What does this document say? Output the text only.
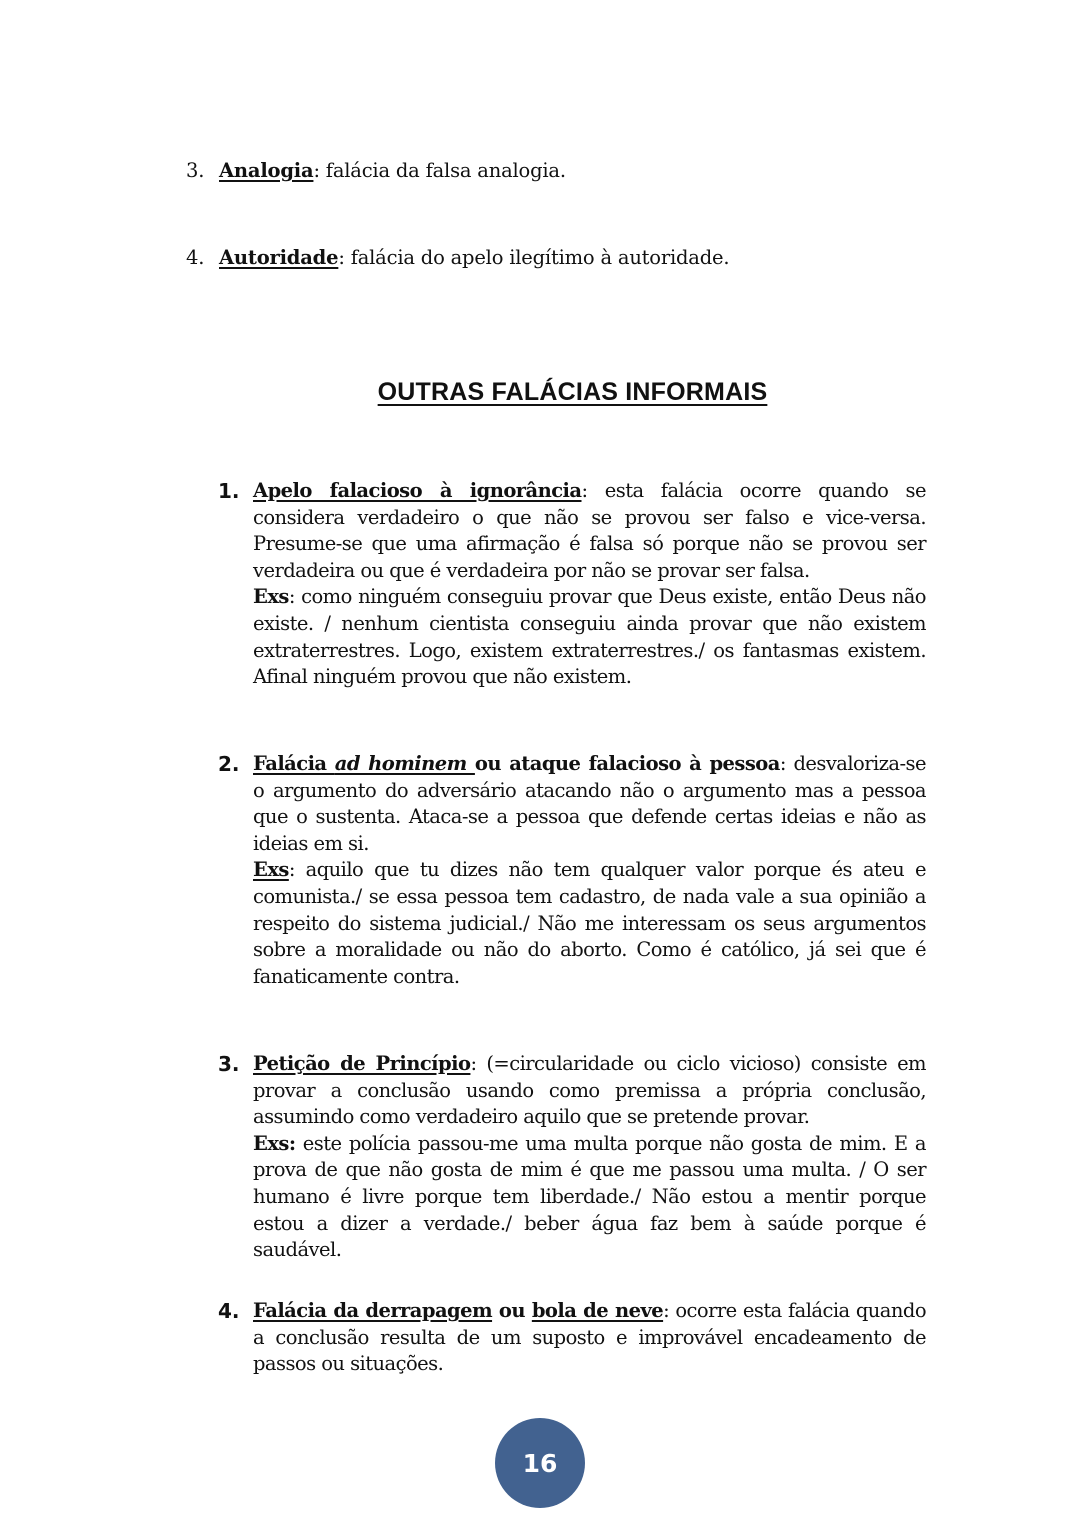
3. Analogia: falácia da falsa analogia.
4. Autoridade: falácia do apelo ilegítimo à autoridade.
OUTRAS FALÁCIAS INFORMAIS
1. Apelo falacioso à ignorância: esta falácia ocorre quando se considera verdadeiro o que não se provou ser falso e vice-versa. Presume-se que uma afirmação é falsa só porque não se provou ser verdadeira ou que é verdadeira por não se provar ser falsa.

Exs: como ninguém conseguiu provar que Deus existe, então Deus não existe. / nenhum cientista conseguiu ainda provar que não existem extraterrestres. Logo, existem extraterrestres./ os fantasmas existem. Afinal ninguém provou que não existem.

2. Falácia ad hominem ou ataque falacioso à pessoa: desvaloriza-se o argumento do adversário atacando não o argumento mas a pessoa que o sustenta. Ataca-se a pessoa que defende certas ideias e não as ideias em si.

Exs: aquilo que tu dizes não tem qualquer valor porque és ateu e comunista./ se essa pessoa tem cadastro, de nada vale a sua opinião a respeito do sistema judicial./ Não me interessam os seus argumentos sobre a moralidade ou não do aborto. Como é católico, já sei que é fanaticamente contra.

3. Petição de Princípio: (=circularidade ou ciclo vicioso) consiste em provar a conclusão usando como premissa a própria conclusão, assumindo como verdadeiro aquilo que se pretende provar.

Exs: este polícia passou-me uma multa porque não gosta de mim. E a prova de que não gosta de mim é que me passou uma multa. / O ser humano é livre porque tem liberdade./ Não estou a mentir porque estou a dizer a verdade./ beber água faz bem à saúde porque é saudável.

4. Falácia da derrapagem ou bola de neve: ocorre esta falácia quando a conclusão resulta de um suposto e improvável encadeamento de passos ou situações.

16
